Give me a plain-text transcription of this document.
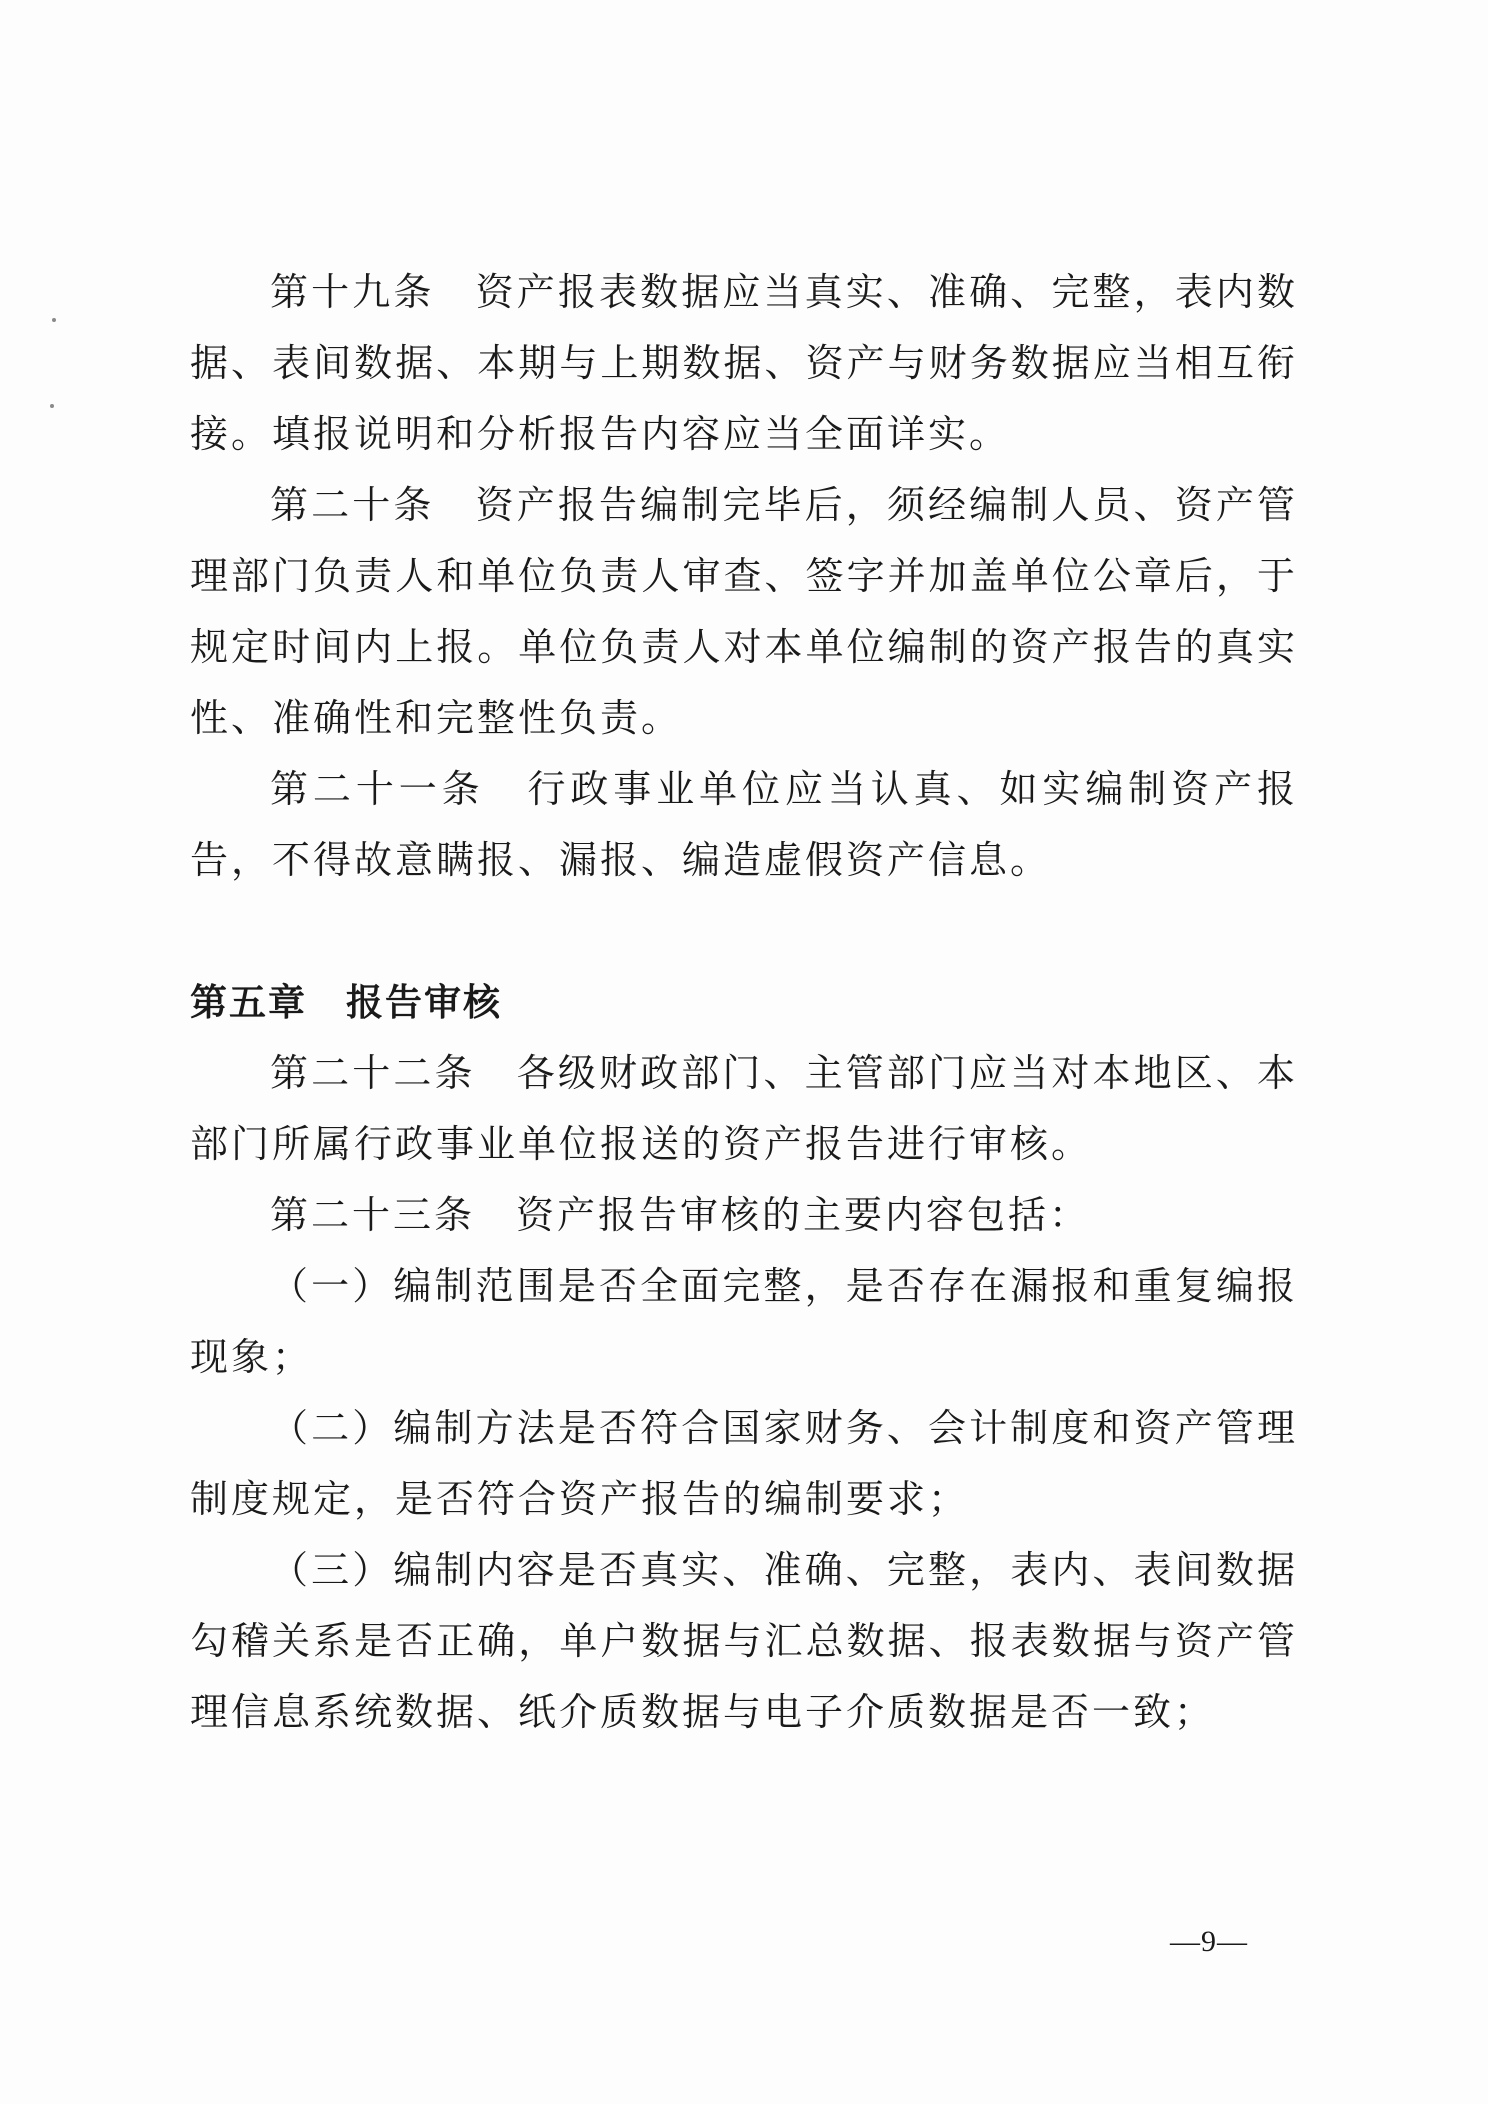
第十九条　资产报表数据应当真实、准确、完整，表内数据、表间数据、本期与上期数据、资产与财务数据应当相互衔接。填报说明和分析报告内容应当全面详实。

第二十条　资产报告编制完毕后，须经编制人员、资产管理部门负责人和单位负责人审查、签字并加盖单位公章后，于规定时间内上报。单位负责人对本单位编制的资产报告的真实性、准确性和完整性负责。

第二十一条　行政事业单位应当认真、如实编制资产报告，不得故意瞒报、漏报、编造虚假资产信息。

第五章　报告审核

第二十二条　各级财政部门、主管部门应当对本地区、本部门所属行政事业单位报送的资产报告进行审核。

第二十三条　资产报告审核的主要内容包括：

（一）编制范围是否全面完整，是否存在漏报和重复编报现象；

（二）编制方法是否符合国家财务、会计制度和资产管理制度规定，是否符合资产报告的编制要求；

（三）编制内容是否真实、准确、完整，表内、表间数据勾稽关系是否正确，单户数据与汇总数据、报表数据与资产管理信息系统数据、纸介质数据与电子介质数据是否一致；

—9—
